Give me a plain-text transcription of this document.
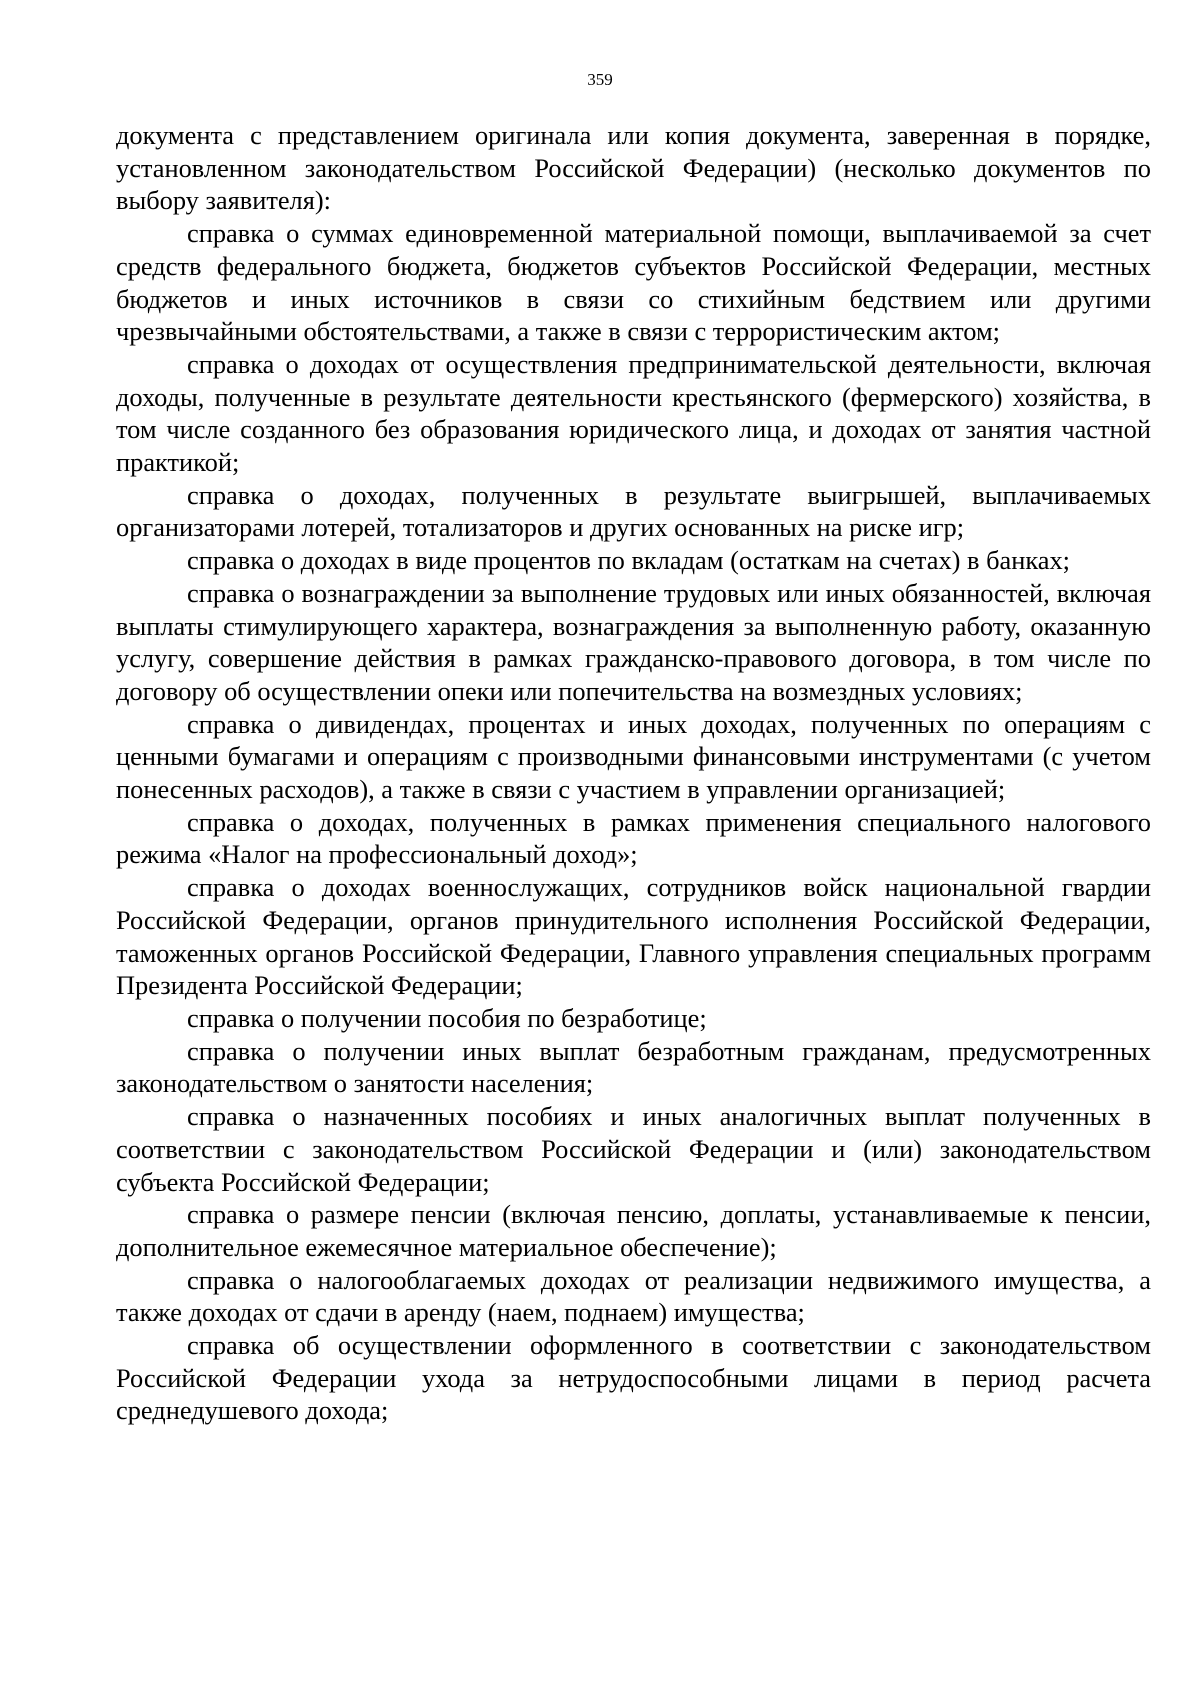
359

документа с представлением оригинала или копия документа, заверенная в порядке, установленном законодательством Российской Федерации) (несколько документов по выбору заявителя):

справка о суммах единовременной материальной помощи, выплачиваемой за счет средств федерального бюджета, бюджетов субъектов Российской Федерации, местных бюджетов и иных источников в связи со стихийным бедствием или другими чрезвычайными обстоятельствами, а также в связи с террористическим актом;

справка о доходах от осуществления предпринимательской деятельности, включая доходы, полученные в результате деятельности крестьянского (фермерского) хозяйства, в том числе созданного без образования юридического лица, и доходах от занятия частной практикой;

справка о доходах, полученных в результате выигрышей, выплачиваемых организаторами лотерей, тотализаторов и других основанных на риске игр;

справка о доходах в виде процентов по вкладам (остаткам на счетах) в банках;

справка о вознаграждении за выполнение трудовых или иных обязанностей, включая выплаты стимулирующего характера, вознаграждения за выполненную работу, оказанную услугу, совершение действия в рамках гражданско-правового договора, в том числе по договору об осуществлении опеки или попечительства на возмездных условиях;

справка о дивидендах, процентах и иных доходах, полученных по операциям с ценными бумагами и операциям с производными финансовыми инструментами (с учетом понесенных расходов), а также в связи с участием в управлении организацией;

справка о доходах, полученных в рамках применения специального налогового режима «Налог на профессиональный доход»;

справка о доходах военнослужащих, сотрудников войск национальной гвардии Российской Федерации, органов принудительного исполнения Российской Федерации, таможенных органов Российской Федерации, Главного управления специальных программ Президента Российской Федерации;

справка о получении пособия по безработице;

справка о получении иных выплат безработным гражданам, предусмотренных законодательством о занятости населения;

справка о назначенных пособиях и иных аналогичных выплат полученных в соответствии с законодательством Российской Федерации и (или) законодательством субъекта Российской Федерации;

справка о размере пенсии (включая пенсию, доплаты, устанавливаемые к пенсии, дополнительное ежемесячное материальное обеспечение);

справка о налогооблагаемых доходах от реализации недвижимого имущества, а также доходах от сдачи в аренду (наем, поднаем) имущества;

справка об осуществлении оформленного в соответствии с законодательством Российской Федерации ухода за нетрудоспособными лицами в период расчета среднедушевого дохода;
